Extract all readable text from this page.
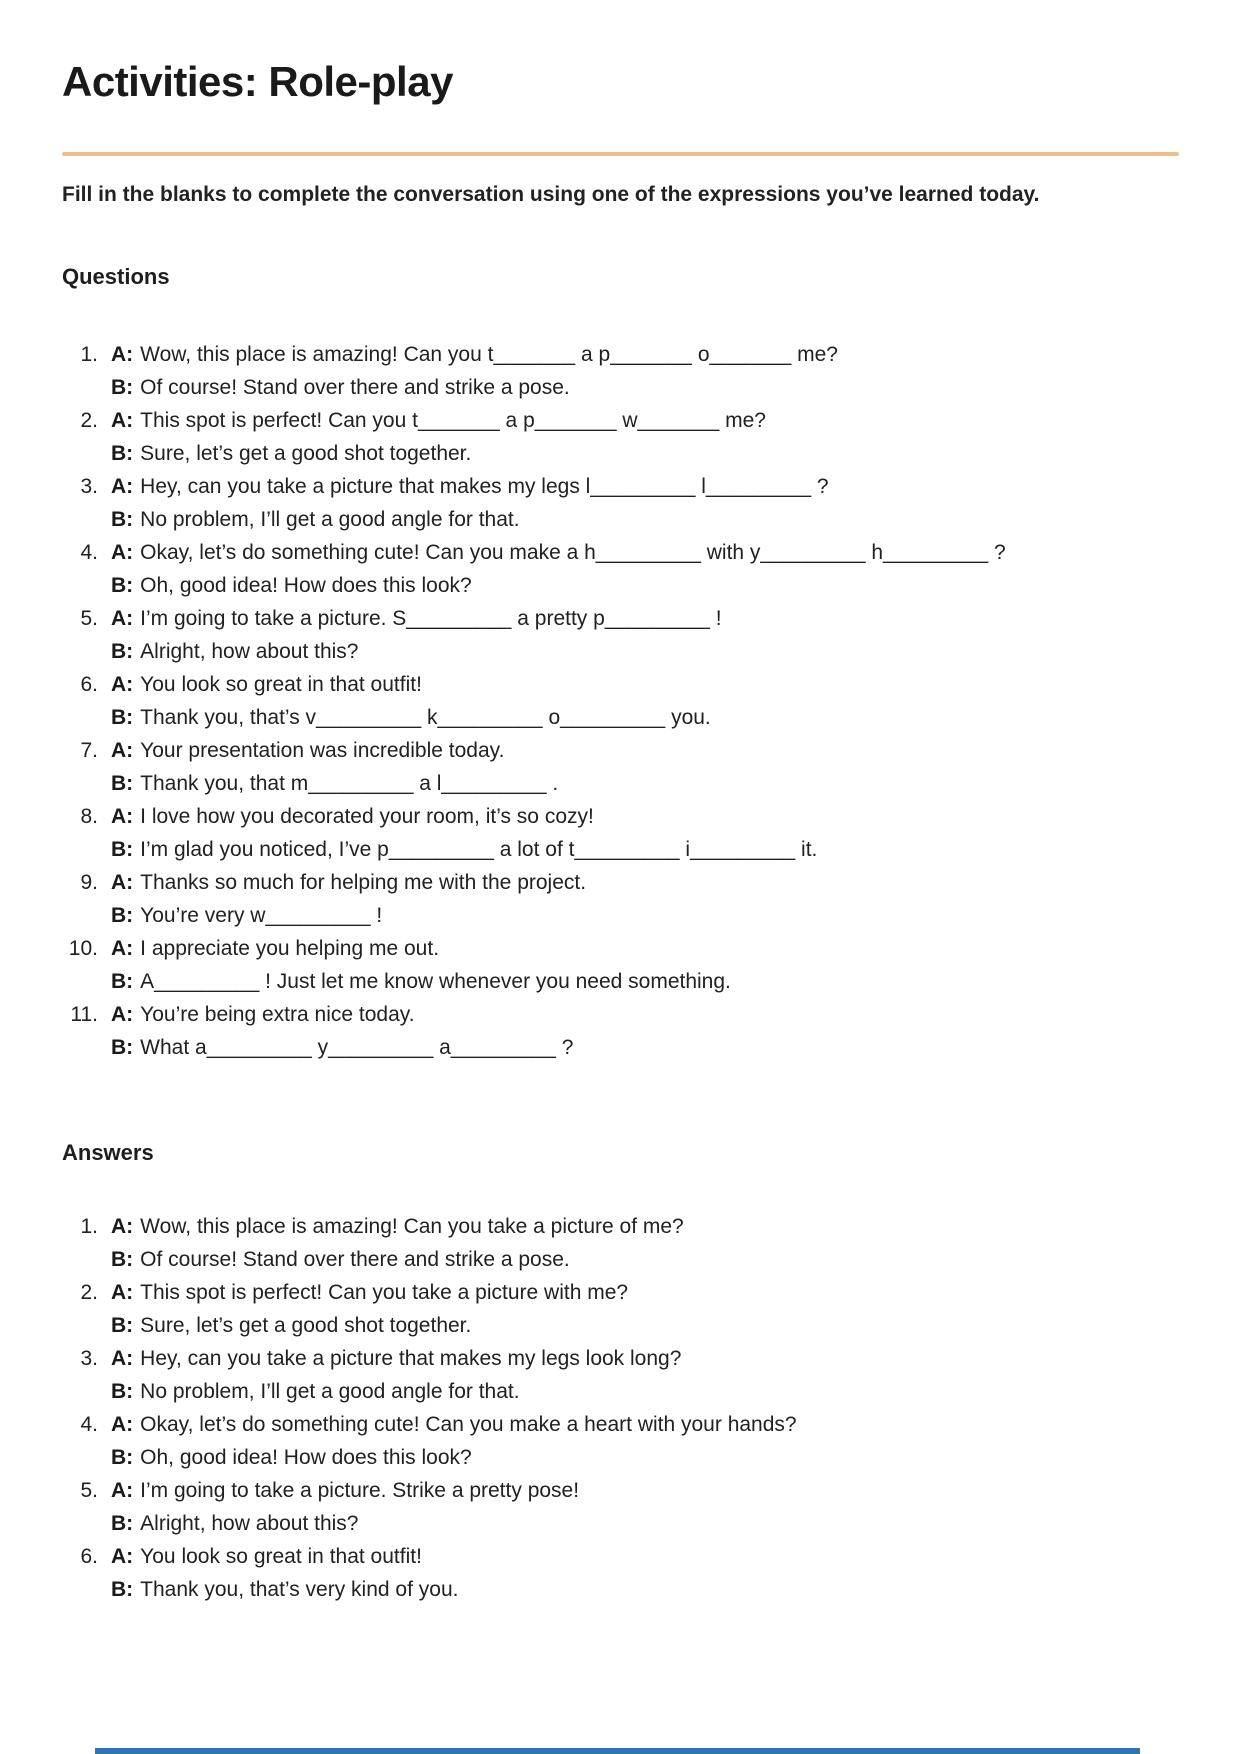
Activities: Role-play

Fill in the blanks to complete the conversation using one of the expressions you’ve learned today.

Questions
1. A: Wow, this place is amazing! Can you t_______ a p_______ o_______ me?
B: Of course! Stand over there and strike a pose.
2. A: This spot is perfect! Can you t_______ a p_______ w_______ me?
B: Sure, let’s get a good shot together.
3. A: Hey, can you take a picture that makes my legs l_________ l_________ ?
B: No problem, I’ll get a good angle for that.
4. A: Okay, let’s do something cute! Can you make a h_________ with y_________ h_________ ?
B: Oh, good idea! How does this look?
5. A: I’m going to take a picture. S_________ a pretty p_________ !
B: Alright, how about this?
6. A: You look so great in that outfit!
B: Thank you, that’s v_________ k_________ o_________ you.
7. A: Your presentation was incredible today.
B: Thank you, that m_________ a l_________ .
8. A: I love how you decorated your room, it’s so cozy!
B: I’m glad you noticed, I’ve p_________ a lot of t_________ i_________ it.
9. A: Thanks so much for helping me with the project.
B: You’re very w_________ !
10. A: I appreciate you helping me out.
B: A_________ ! Just let me know whenever you need something.
11. A: You’re being extra nice today.
B: What a_________ y_________ a_________ ?
Answers
1. A: Wow, this place is amazing! Can you take a picture of me?
B: Of course! Stand over there and strike a pose.
2. A: This spot is perfect! Can you take a picture with me?
B: Sure, let’s get a good shot together.
3. A: Hey, can you take a picture that makes my legs look long?
B: No problem, I’ll get a good angle for that.
4. A: Okay, let’s do something cute! Can you make a heart with your hands?
B: Oh, good idea! How does this look?
5. A: I’m going to take a picture. Strike a pretty pose!
B: Alright, how about this?
6. A: You look so great in that outfit!
B: Thank you, that’s very kind of you.
